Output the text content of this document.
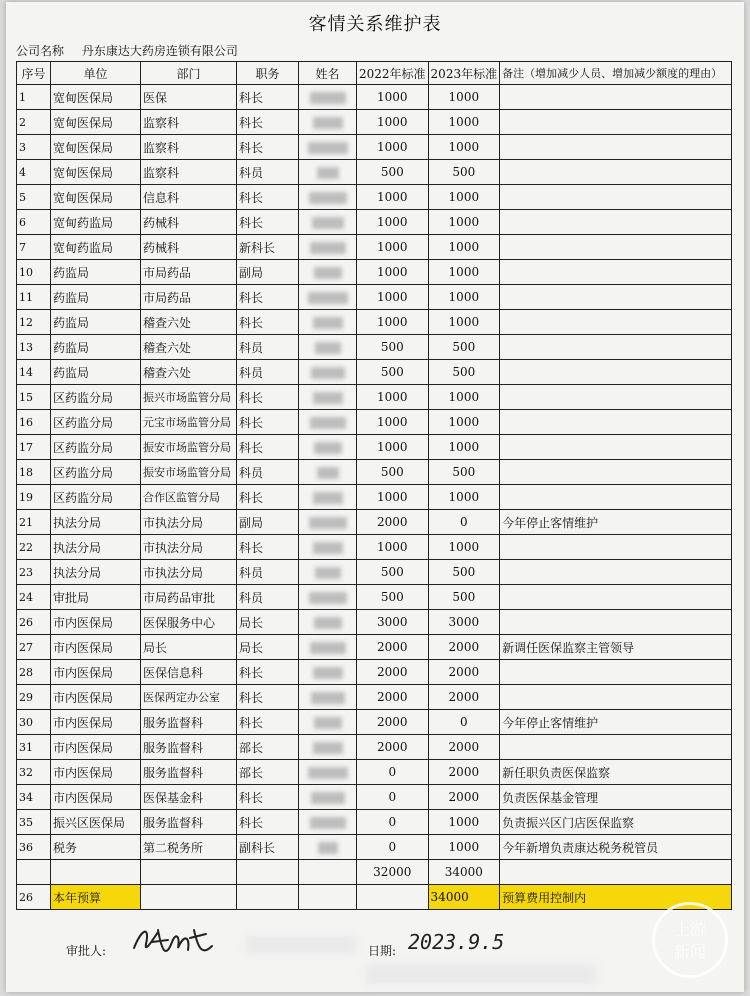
客情关系维护表
公司名称 丹东康达大药房连锁有限公司
序号	单位	部门	职务	姓名	2022年标准	2023年标准	备注（增加减少人员、增加减少额度的理由）
1	宽甸医保局	医保	科长		1000	1000	
2	宽甸医保局	监察科	科长		1000	1000	
3	宽甸医保局	监察科	科长		1000	1000	
4	宽甸医保局	监察科	科员		500	500	
5	宽甸医保局	信息科	科长		1000	1000	
6	宽甸药监局	药械科	科长		1000	1000	
7	宽甸药监局	药械科	新科长		1000	1000	
10	药监局	市局药品	副局		1000	1000	
11	药监局	市局药品	科长		1000	1000	
12	药监局	稽查六处	科长		1000	1000	
13	药监局	稽查六处	科员		500	500	
14	药监局	稽查六处	科员		500	500	
15	区药监分局	振兴市场监管分局	科长		1000	1000	
16	区药监分局	元宝市场监管分局	科长		1000	1000	
17	区药监分局	振安市场监管分局	科长		1000	1000	
18	区药监分局	振安市场监管分局	科员		500	500	
19	区药监分局	合作区监管分局	科长		1000	1000	
21	执法分局	市执法分局	副局		2000	0	今年停止客情维护
22	执法分局	市执法分局	科长		1000	1000	
23	执法分局	市执法分局	科员		500	500	
24	审批局	市局药品审批	科员		500	500	
26	市内医保局	医保服务中心	局长		3000	3000	
27	市内医保局	局长	局长		2000	2000	新调任医保监察主管领导
28	市内医保局	医保信息科	科长		2000	2000	
29	市内医保局	医保两定办公室	科长		2000	2000	
30	市内医保局	服务监督科	科长		2000	0	今年停止客情维护
31	市内医保局	服务监督科	部长		2000	2000	
32	市内医保局	服务监督科	部长		0	2000	新任职负责医保监察
34	市内医保局	医保基金科	科长		0	2000	负责医保基金管理
35	振兴区医保局	服务监督科	科长		0	1000	负责振兴区门店医保监察
36	税务	第二税务所	副科长		0	1000	今年新增负责康达税务税管员
					32000	34000	
26	本年预算					34000	预算费用控制内
审批人:	日期: 2023.9.5
上游
新闻
